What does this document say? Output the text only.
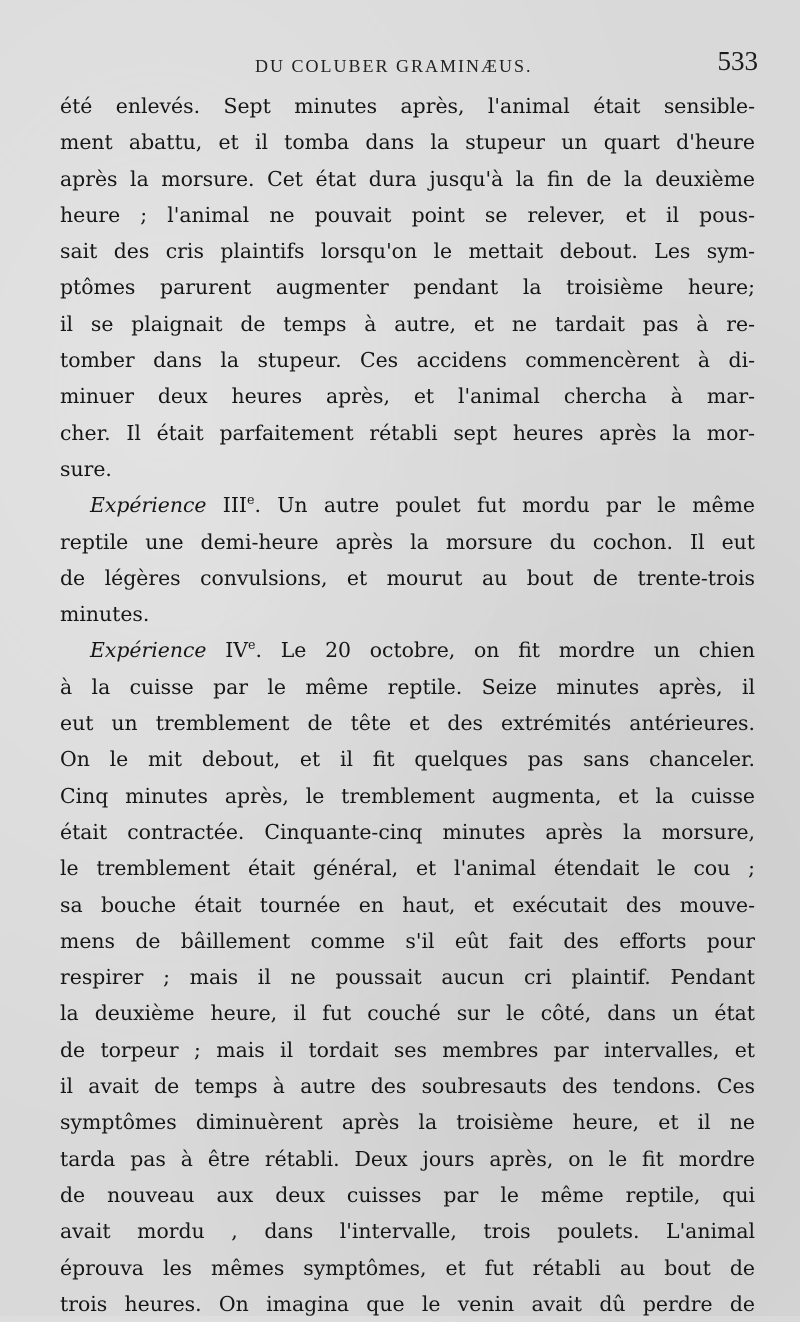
DU COLUBER GRAMINÆUS.	533
été enlevés. Sept minutes après, l'animal était sensible-
ment abattu, et il tomba dans la stupeur un quart d'heure
après la morsure. Cet état dura jusqu'à la fin de la deuxième
heure ; l'animal ne pouvait point se relever, et il pous-
sait des cris plaintifs lorsqu'on le mettait debout. Les sym-
ptômes parurent augmenter pendant la troisième heure;
il se plaignait de temps à autre, et ne tardait pas à re-
tomber dans la stupeur. Ces accidens commencèrent à di-
minuer deux heures après, et l'animal chercha à mar-
cher. Il était parfaitement rétabli sept heures après la mor-
sure.
Expérience IIIe. Un autre poulet fut mordu par le même
reptile une demi-heure après la morsure du cochon. Il eut
de légères convulsions, et mourut au bout de trente-trois
minutes.
Expérience IVe. Le 20 octobre, on fit mordre un chien
à la cuisse par le même reptile. Seize minutes après, il
eut un tremblement de tête et des extrémités antérieures.
On le mit debout, et il fit quelques pas sans chanceler.
Cinq minutes après, le tremblement augmenta, et la cuisse
était contractée. Cinquante-cinq minutes après la morsure,
le tremblement était général, et l'animal étendait le cou ;
sa bouche était tournée en haut, et exécutait des mouve-
mens de bâillement comme s'il eût fait des efforts pour
respirer ; mais il ne poussait aucun cri plaintif. Pendant
la deuxième heure, il fut couché sur le côté, dans un état
de torpeur ; mais il tordait ses membres par intervalles, et
il avait de temps à autre des soubresauts des tendons. Ces
symptômes diminuèrent après la troisième heure, et il ne
tarda pas à être rétabli. Deux jours après, on le fit mordre
de nouveau aux deux cuisses par le même reptile, qui
avait mordu , dans l'intervalle, trois poulets. L'animal
éprouva les mêmes symptômes, et fut rétabli au bout de
trois heures. On imagina que le venin avait dû perdre de
